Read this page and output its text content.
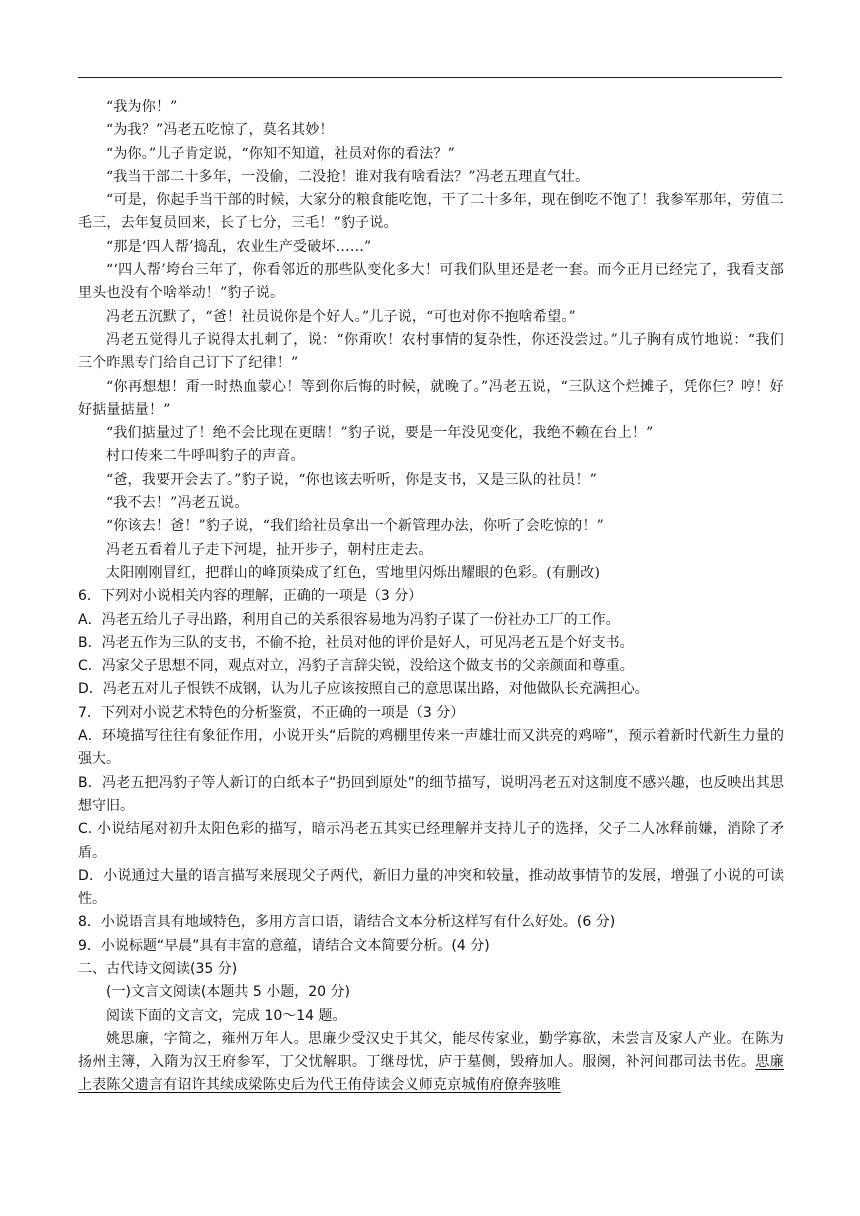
“我为你！”

“为我？”冯老五吃惊了，莫名其妙！

“为你。”儿子肯定说，“你知不知道，社员对你的看法？”

“我当干部二十多年，一没偷，二没抢！谁对我有啥看法？”冯老五理直气壮。

“可是，你起手当干部的时候，大家分的粮食能吃饱，干了二十多年，现在倒吃不饱了！我参军那年，劳值二毛三，去年复员回来，长了七分，三毛！”豹子说。

“那是‘四人帮’捣乱，农业生产受破坏……”

“‘四人帮’垮台三年了，你看邻近的那些队变化多大！可我们队里还是老一套。而今正月已经完了，我看支部里头也没有个啥举动！”豹子说。

冯老五沉默了，“爸！社员说你是个好人。”儿子说，“可也对你不抱啥希望。”

冯老五觉得儿子说得太扎刺了，说：“你甭吹！农村事情的复杂性，你还没尝过。”儿子胸有成竹地说：“我们三个昨黑专门给自己订下了纪律！”

“你再想想！甭一时热血蒙心！等到你后悔的时候，就晚了。”冯老五说，“三队这个烂摊子，凭你仨？哼！好好掂量掂量！”

“我们掂量过了！绝不会比现在更瞎！”豹子说，要是一年没见变化，我绝不赖在台上！”

村口传来二牛呼叫豹子的声音。

“爸，我要开会去了。”豹子说，“你也该去听听，你是支书，又是三队的社员！”

“我不去！”冯老五说。

“你该去！爸！”豹子说，“我们给社员拿出一个新管理办法，你听了会吃惊的！”

冯老五看着儿子走下河堤，扯开步子，朝村庄走去。

太阳刚刚冒红，把群山的峰顶染成了红色，雪地里闪烁出耀眼的色彩。(有删改)

6．下列对小说相关内容的理解，正确的一项是（3 分）

A．冯老五给儿子寻出路，利用自己的关系很容易地为冯豹子谋了一份社办工厂的工作。

B．冯老五作为三队的支书，不偷不抢，社员对他的评价是好人，可见冯老五是个好支书。

C．冯家父子思想不同，观点对立，冯豹子言辞尖锐，没给这个做支书的父亲颜面和尊重。

D．冯老五对儿子恨铁不成钢，认为儿子应该按照自己的意思谋出路，对他做队长充满担心。

7．下列对小说艺术特色的分析鉴赏，不正确的一项是（3 分）

A．环境描写往往有象征作用，小说开头“后院的鸡棚里传来一声雄壮而又洪亮的鸡啼”，预示着新时代新生力量的强大。

B．冯老五把冯豹子等人新订的白纸本子“扔回到原处”的细节描写，说明冯老五对这制度不感兴趣，也反映出其思想守旧。

C. 小说结尾对初升太阳色彩的描写，暗示冯老五其实已经理解并支持儿子的选择，父子二人冰释前嫌，消除了矛盾。

D．小说通过大量的语言描写来展现父子两代，新旧力量的冲突和较量，推动故事情节的发展，增强了小说的可读性。

8．小说语言具有地域特色，多用方言口语，请结合文本分析这样写有什么好处。(6 分)

9．小说标题“早晨”具有丰富的意蕴，请结合文本简要分析。(4 分)

二、古代诗文阅读(35 分)

(一)文言文阅读(本题共 5 小题，20 分)

阅读下面的文言文，完成 10～14 题。

姚思廉，字简之，雍州万年人。思廉少受汉史于其父，能尽传家业，勤学寡欲，未尝言及家人产业。在陈为扬州主簿，入隋为汉王府参军，丁父忧解职。丁继母忧，庐于墓侧，毁瘠加人。服阕，补河间郡司法书佐。思廉上表陈父遗言有诏许其续成梁陈史后为代王侑侍读会义师克京城侑府僚奔骇唯
